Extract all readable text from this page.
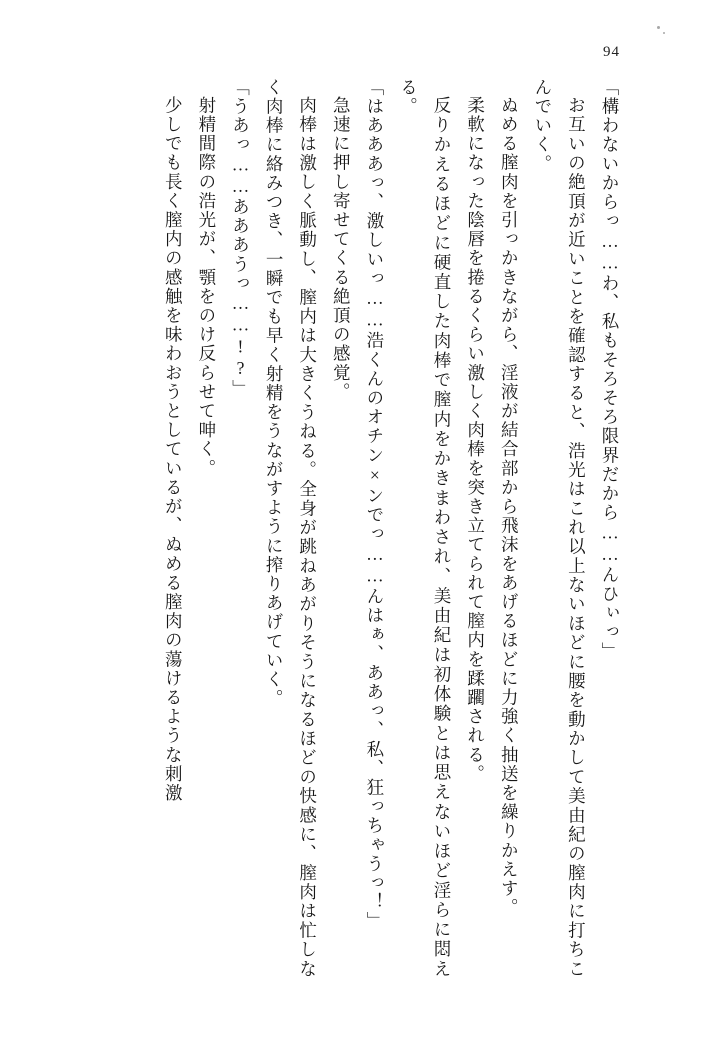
94

「構わないからっ……わ、私もそろそろ限界だから……んひぃっ」

お互いの絶頂が近いことを確認すると、浩光はこれ以上ないほどに腰を動かして美由紀の膣肉に打ちこんでいく。

ぬめる膣肉を引っかきながら、淫液が結合部から飛沫をあげるほどに力強く抽送を繰りかえす。

柔軟になった陰唇を捲るくらい激しく肉棒を突き立てられて膣内を蹂躙される。

反りかえるほどに硬直した肉棒で膣内をかきまわされ、美由紀は初体験とは思えないほど淫らに悶える。

「はあああっ、激しいっ……浩くんのオチン×ンでっ……んはぁ、ああっ、私、狂っちゃうっ！」

急速に押し寄せてくる絶頂の感覚。

肉棒は激しく脈動し、膣内は大きくうねる。全身が跳ねあがりそうになるほどの快感に、膣肉は忙しなく肉棒に絡みつき、一瞬でも早く射精をうながすように搾りあげていく。

「うあっ……あああうっ……!?」

射精間際の浩光が、顎をのけ反らせて呻く。

少しでも長く膣内の感触を味わおうとしているが、ぬめる膣肉の蕩けるような刺激
